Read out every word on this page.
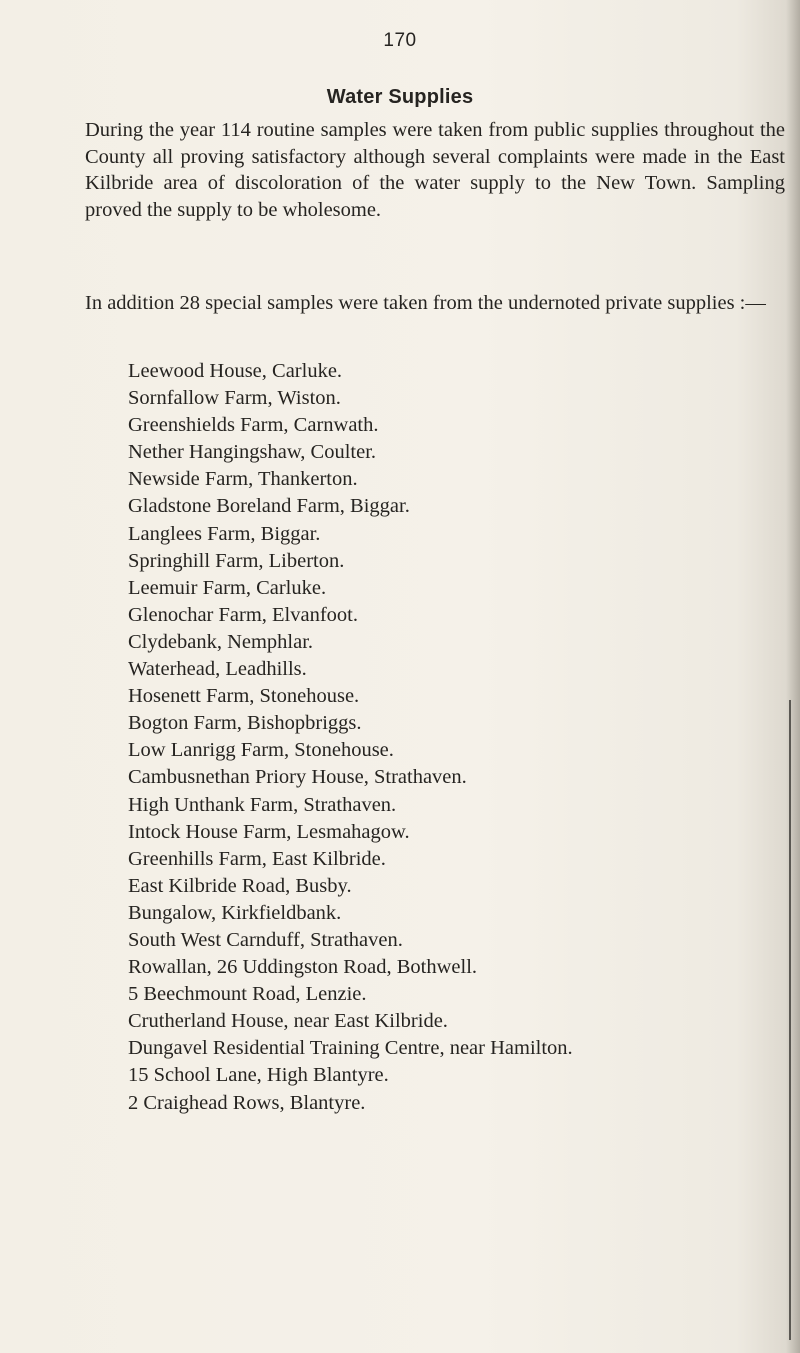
170
Water Supplies
During the year 114 routine samples were taken from public supplies throughout the County all proving satisfactory although several complaints were made in the East Kilbride area of discoloration of the water supply to the New Town. Sampling proved the supply to be wholesome.
In addition 28 special samples were taken from the undernoted private supplies :—
Leewood House, Carluke.
Sornfallow Farm, Wiston.
Greenshields Farm, Carnwath.
Nether Hangingshaw, Coulter.
Newside Farm, Thankerton.
Gladstone Boreland Farm, Biggar.
Langlees Farm, Biggar.
Springhill Farm, Liberton.
Leemuir Farm, Carluke.
Glenochar Farm, Elvanfoot.
Clydebank, Nemphlar.
Waterhead, Leadhills.
Hosenett Farm, Stonehouse.
Bogton Farm, Bishopbriggs.
Low Lanrigg Farm, Stonehouse.
Cambusnethan Priory House, Strathaven.
High Unthank Farm, Strathaven.
Intock House Farm, Lesmahagow.
Greenhills Farm, East Kilbride.
East Kilbride Road, Busby.
Bungalow, Kirkfieldbank.
South West Carnduff, Strathaven.
Rowallan, 26 Uddingston Road, Bothwell.
5 Beechmount Road, Lenzie.
Crutherland House, near East Kilbride.
Dungavel Residential Training Centre, near Hamilton.
15 School Lane, High Blantyre.
2 Craighead Rows, Blantyre.
